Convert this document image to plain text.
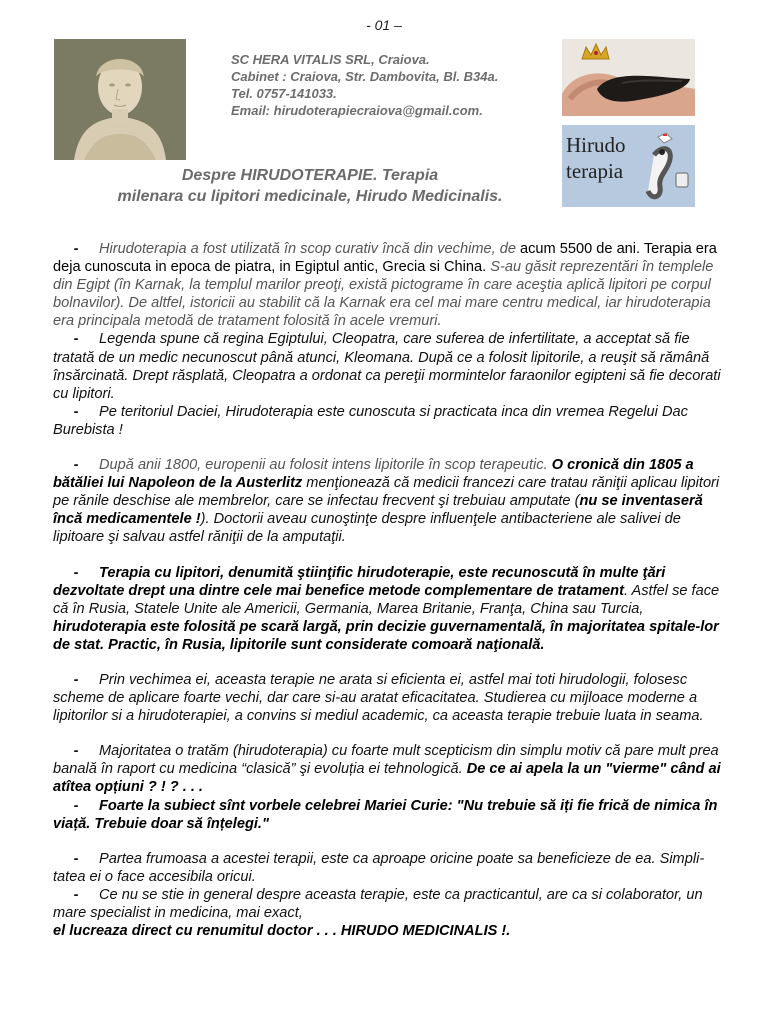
- 01 –
SC HERA VITALIS SRL, Craiova.
Cabinet : Craiova, Str. Dambovita, Bl. B34a.
Tel. 0757-141033.
Email: hirudoterapiecraiova@gmail.com.
Hirudo
terapia
Despre HIRUDOTERAPIE. Terapia
milenara cu lipitori medicinale, Hirudo Medicinalis.

- Hirudoterapia a fost utilizată în scop curativ încă din vechime, de acum 5500 de ani. Terapia era deja cunoscuta in epoca de piatra, in Egiptul antic, Grecia si China. S-au găsit reprezentări în templele din Egipt (în Karnak, la templul marilor preoţi, există pictograme în care aceştia aplică lipitori pe corpul bolnavilor). De altfel, istoricii au stabilit că la Karnak era cel mai mare centru medical, iar hirudoterapia era principala metodă de tratament folosită în acele vremuri.

- Legenda spune că regina Egiptului, Cleopatra, care suferea de infertilitate, a acceptat să fie tratată de un medic necunoscut până atunci, Kleomana. După ce a folosit lipitorile, a reuşit să rămână însărcinată. Drept răsplată, Cleopatra a ordonat ca pereţii mormintelor faraonilor egipteni să fie decorati cu lipitori.

- Pe teritoriul Daciei, Hirudoterapia este cunoscuta si practicata inca din vremea Regelui Dac Burebista !

- După anii 1800, europenii au folosit intens lipitorile în scop terapeutic. O cronică din 1805 a bătăliei lui Napoleon de la Austerlitz menţionează că medicii francezi care tratau răniţii aplicau lipitori pe rănile deschise ale membrelor, care se infectau frecvent şi trebuiau amputate (nu se inventaseră încă medicamentele !). Doctorii aveau cunoştinţe despre influenţele antibacteriene ale salivei de lipitoare şi salvau astfel răniţii de la amputaţii.

- Terapia cu lipitori, denumită ştiinţific hirudoterapie, este recunoscută în multe ţări dezvoltate drept una dintre cele mai benefice metode complementare de tratament. Astfel se face că în Rusia, Statele Unite ale Americii, Germania, Marea Britanie, Franţa, China sau Turcia, hirudoterapia este folosită pe scară largă, prin decizie guvernamentală, în majoritatea spitale-lor de stat. Practic, în Rusia, lipitorile sunt considerate comoară naţională.

- Prin vechimea ei, aceasta terapie ne arata si eficienta ei, astfel mai toti hirudologii, folosesc scheme de aplicare foarte vechi, dar care si-au aratat eficacitatea. Studierea cu mijloace moderne a lipitorilor si a hirudoterapiei, a convins si mediul academic, ca aceasta terapie trebuie luata in seama.

- Majoritatea o tratăm (hirudoterapia) cu foarte mult scepticism din simplu motiv că pare mult prea banală în raport cu medicina “clasică” şi evoluția ei tehnologică. De ce ai apela la un "vierme" când ai atîtea opțiuni ? ! ? . . .

- Foarte la subiect sînt vorbele celebrei Mariei Curie: "Nu trebuie să iți fie frică de nimica în viață. Trebuie doar să înțelegi."

- Partea frumoasa a acestei terapii, este ca aproape oricine poate sa beneficieze de ea. Simpli-tatea ei o face accesibila oricui.

- Ce nu se stie in general despre aceasta terapie, este ca practicantul, are ca si colaborator, un mare specialist in medicina, mai exact,

el lucreaza direct cu renumitul doctor . . . HIRUDO MEDICINALIS !.
